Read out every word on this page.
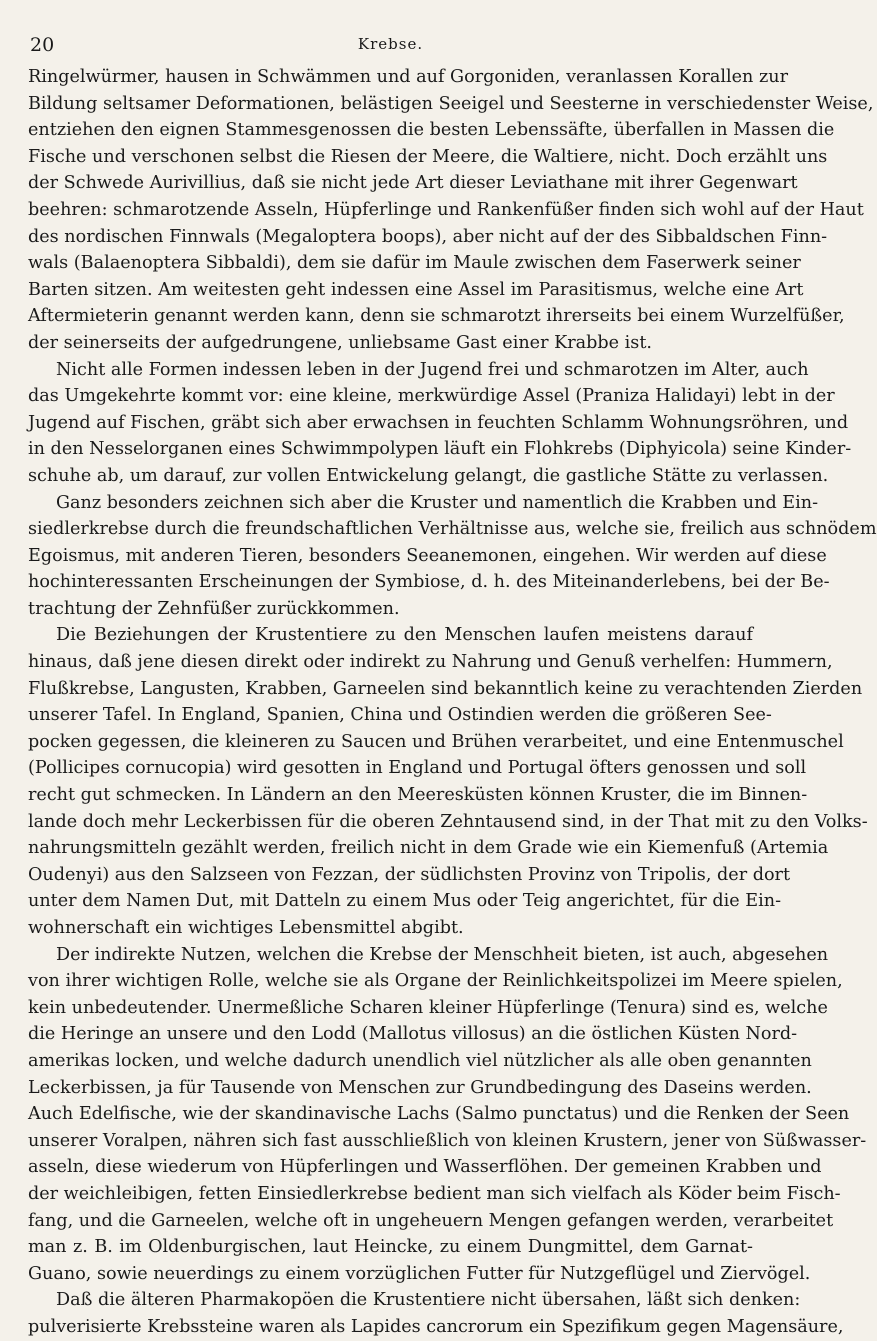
20	Krebse.
Ringelwürmer, hausen in Schwämmen und auf Gorgoniden, veranlassen Korallen zur
Bildung seltsamer Deformationen, belästigen Seeigel und Seesterne in verschiedenster Weise,
entziehen den eignen Stammesgenossen die besten Lebenssäfte, überfallen in Massen die
Fische und verschonen selbst die Riesen der Meere, die Waltiere, nicht. Doch erzählt uns
der Schwede Aurivillius, daß sie nicht jede Art dieser Leviathane mit ihrer Gegenwart
beehren: schmarotzende Asseln, Hüpferlinge und Rankenfüßer finden sich wohl auf der Haut
des nordischen Finnwals (Megaloptera boops), aber nicht auf der des Sibbaldschen Finn-
wals (Balaenoptera Sibbaldi), dem sie dafür im Maule zwischen dem Faserwerk seiner
Barten sitzen. Am weitesten geht indessen eine Assel im Parasitismus, welche eine Art
Aftermieterin genannt werden kann, denn sie schmarotzt ihrerseits bei einem Wurzelfüßer,
der seinerseits der aufgedrungene, unliebsame Gast einer Krabbe ist.
Nicht alle Formen indessen leben in der Jugend frei und schmarotzen im Alter, auch
das Umgekehrte kommt vor: eine kleine, merkwürdige Assel (Praniza Halidayi) lebt in der
Jugend auf Fischen, gräbt sich aber erwachsen in feuchten Schlamm Wohnungsröhren, und
in den Nesselorganen eines Schwimmpolypen läuft ein Flohkrebs (Diphyicola) seine Kinder-
schuhe ab, um darauf, zur vollen Entwickelung gelangt, die gastliche Stätte zu verlassen.
Ganz besonders zeichnen sich aber die Kruster und namentlich die Krabben und Ein-
siedlerkrebse durch die freundschaftlichen Verhältnisse aus, welche sie, freilich aus schnödem
Egoismus, mit anderen Tieren, besonders Seeanemonen, eingehen. Wir werden auf diese
hochinteressanten Erscheinungen der Symbiose, d. h. des Miteinanderlebens, bei der Be-
trachtung der Zehnfüßer zurückkommen.
Die Beziehungen der Krustentiere zu den Menschen laufen meistens darauf
hinaus, daß jene diesen direkt oder indirekt zu Nahrung und Genuß verhelfen: Hummern,
Flußkrebse, Langusten, Krabben, Garneelen sind bekanntlich keine zu verachtenden Zierden
unserer Tafel. In England, Spanien, China und Ostindien werden die größeren See-
pocken gegessen, die kleineren zu Saucen und Brühen verarbeitet, und eine Entenmuschel
(Pollicipes cornucopia) wird gesotten in England und Portugal öfters genossen und soll
recht gut schmecken. In Ländern an den Meeresküsten können Kruster, die im Binnen-
lande doch mehr Leckerbissen für die oberen Zehntausend sind, in der That mit zu den Volks-
nahrungsmitteln gezählt werden, freilich nicht in dem Grade wie ein Kiemenfuß (Artemia
Oudenyi) aus den Salzseen von Fezzan, der südlichsten Provinz von Tripolis, der dort
unter dem Namen Dut, mit Datteln zu einem Mus oder Teig angerichtet, für die Ein-
wohnerschaft ein wichtiges Lebensmittel abgibt.
Der indirekte Nutzen, welchen die Krebse der Menschheit bieten, ist auch, abgesehen
von ihrer wichtigen Rolle, welche sie als Organe der Reinlichkeitspolizei im Meere spielen,
kein unbedeutender. Unermeßliche Scharen kleiner Hüpferlinge (Tenura) sind es, welche
die Heringe an unsere und den Lodd (Mallotus villosus) an die östlichen Küsten Nord-
amerikas locken, und welche dadurch unendlich viel nützlicher als alle oben genannten
Leckerbissen, ja für Tausende von Menschen zur Grundbedingung des Daseins werden.
Auch Edelfische, wie der skandinavische Lachs (Salmo punctatus) und die Renken der Seen
unserer Voralpen, nähren sich fast ausschließlich von kleinen Krustern, jener von Süßwasser-
asseln, diese wiederum von Hüpferlingen und Wasserflöhen. Der gemeinen Krabben und
der weichleibigen, fetten Einsiedlerkrebse bedient man sich vielfach als Köder beim Fisch-
fang, und die Garneelen, welche oft in ungeheuern Mengen gefangen werden, verarbeitet
man z. B. im Oldenburgischen, laut Heincke, zu einem Dungmittel, dem Garnat-
Guano, sowie neuerdings zu einem vorzüglichen Futter für Nutzgeflügel und Ziervögel.
Daß die älteren Pharmakopöen die Krustentiere nicht übersahen, läßt sich denken:
pulverisierte Krebssteine waren als Lapides cancrorum ein Spezifikum gegen Magensäure,
